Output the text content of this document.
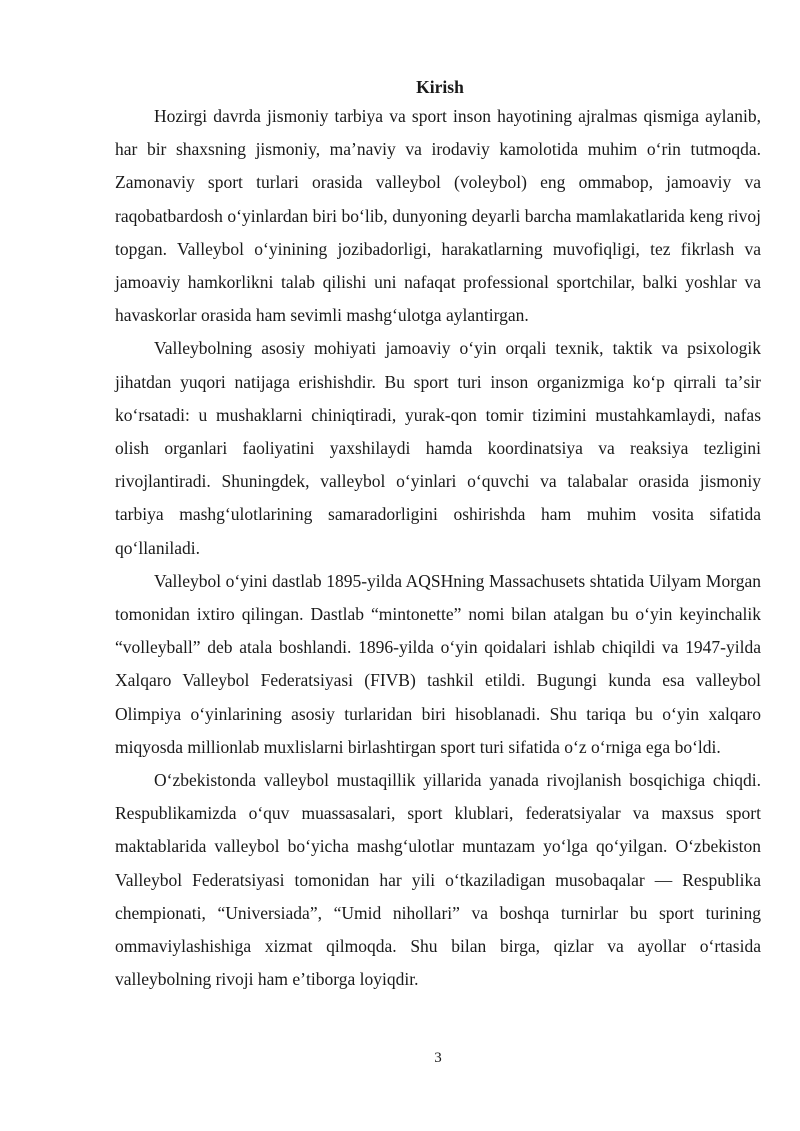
Kirish

Hozirgi davrda jismoniy tarbiya va sport inson hayotining ajralmas qismiga aylanib, har bir shaxsning jismoniy, maʼnaviy va irodaviy kamolotida muhim oʻrin tutmoqda. Zamonaviy sport turlari orasida valleybol (voleybol) eng ommabop, jamoaviy va raqobatbardosh oʻyinlardan biri boʻlib, dunyoning deyarli barcha mamlakatlarida keng rivoj topgan. Valleybol oʻyinining jozibadorligi, harakatlarning muvofiqligi, tez fikrlash va jamoaviy hamkorlikni talab qilishi uni nafaqat professional sportchilar, balki yoshlar va havaskorlar orasida ham sevimli mashgʻulotga aylantirgan.

Valleybolning asosiy mohiyati jamoaviy oʻyin orqali texnik, taktik va psixologik jihatdan yuqori natijaga erishishdir. Bu sport turi inson organizmiga koʻp qirrali taʼsir koʻrsatadi: u mushaklarni chiniqtiradi, yurak-qon tomir tizimini mustahkamlaydi, nafas olish organlari faoliyatini yaxshilaydi hamda koordinatsiya va reaksiya tezligini rivojlantiradi. Shuningdek, valleybol oʻyinlari oʻquvchi va talabalar orasida jismoniy tarbiya mashgʻulotlarining samaradorligini oshirishda ham muhim vosita sifatida qoʻllaniladi.

Valleybol oʻyini dastlab 1895-yilda AQSHning Massachusets shtatida Uilyam Morgan tomonidan ixtiro qilingan. Dastlab “mintonette” nomi bilan atalgan bu oʻyin keyinchalik “volleyball” deb atala boshlandi. 1896-yilda oʻyin qoidalari ishlab chiqildi va 1947-yilda Xalqaro Valleybol Federatsiyasi (FIVB) tashkil etildi. Bugungi kunda esa valleybol Olimpiya oʻyinlarining asosiy turlaridan biri hisoblanadi. Shu tariqa bu oʻyin xalqaro miqyosda millionlab muxlislarni birlashtirgan sport turi sifatida oʻz oʻrniga ega boʻldi.

Oʻzbekistonda valleybol mustaqillik yillarida yanada rivojlanish bosqichiga chiqdi. Respublikamizda oʻquv muassasalari, sport klublari, federatsiyalar va maxsus sport maktablarida valleybol boʻyicha mashgʻulotlar muntazam yoʻlga qoʻyilgan. Oʻzbekiston Valleybol Federatsiyasi tomonidan har yili oʻtkaziladigan musobaqalar — Respublika chempionati, “Universiada”, “Umid nihollari” va boshqa turnirlar bu sport turining ommaviylashishiga xizmat qilmoqda. Shu bilan birga, qizlar va ayollar oʻrtasida valleybolning rivoji ham eʼtiborga loyiqdir.

3
